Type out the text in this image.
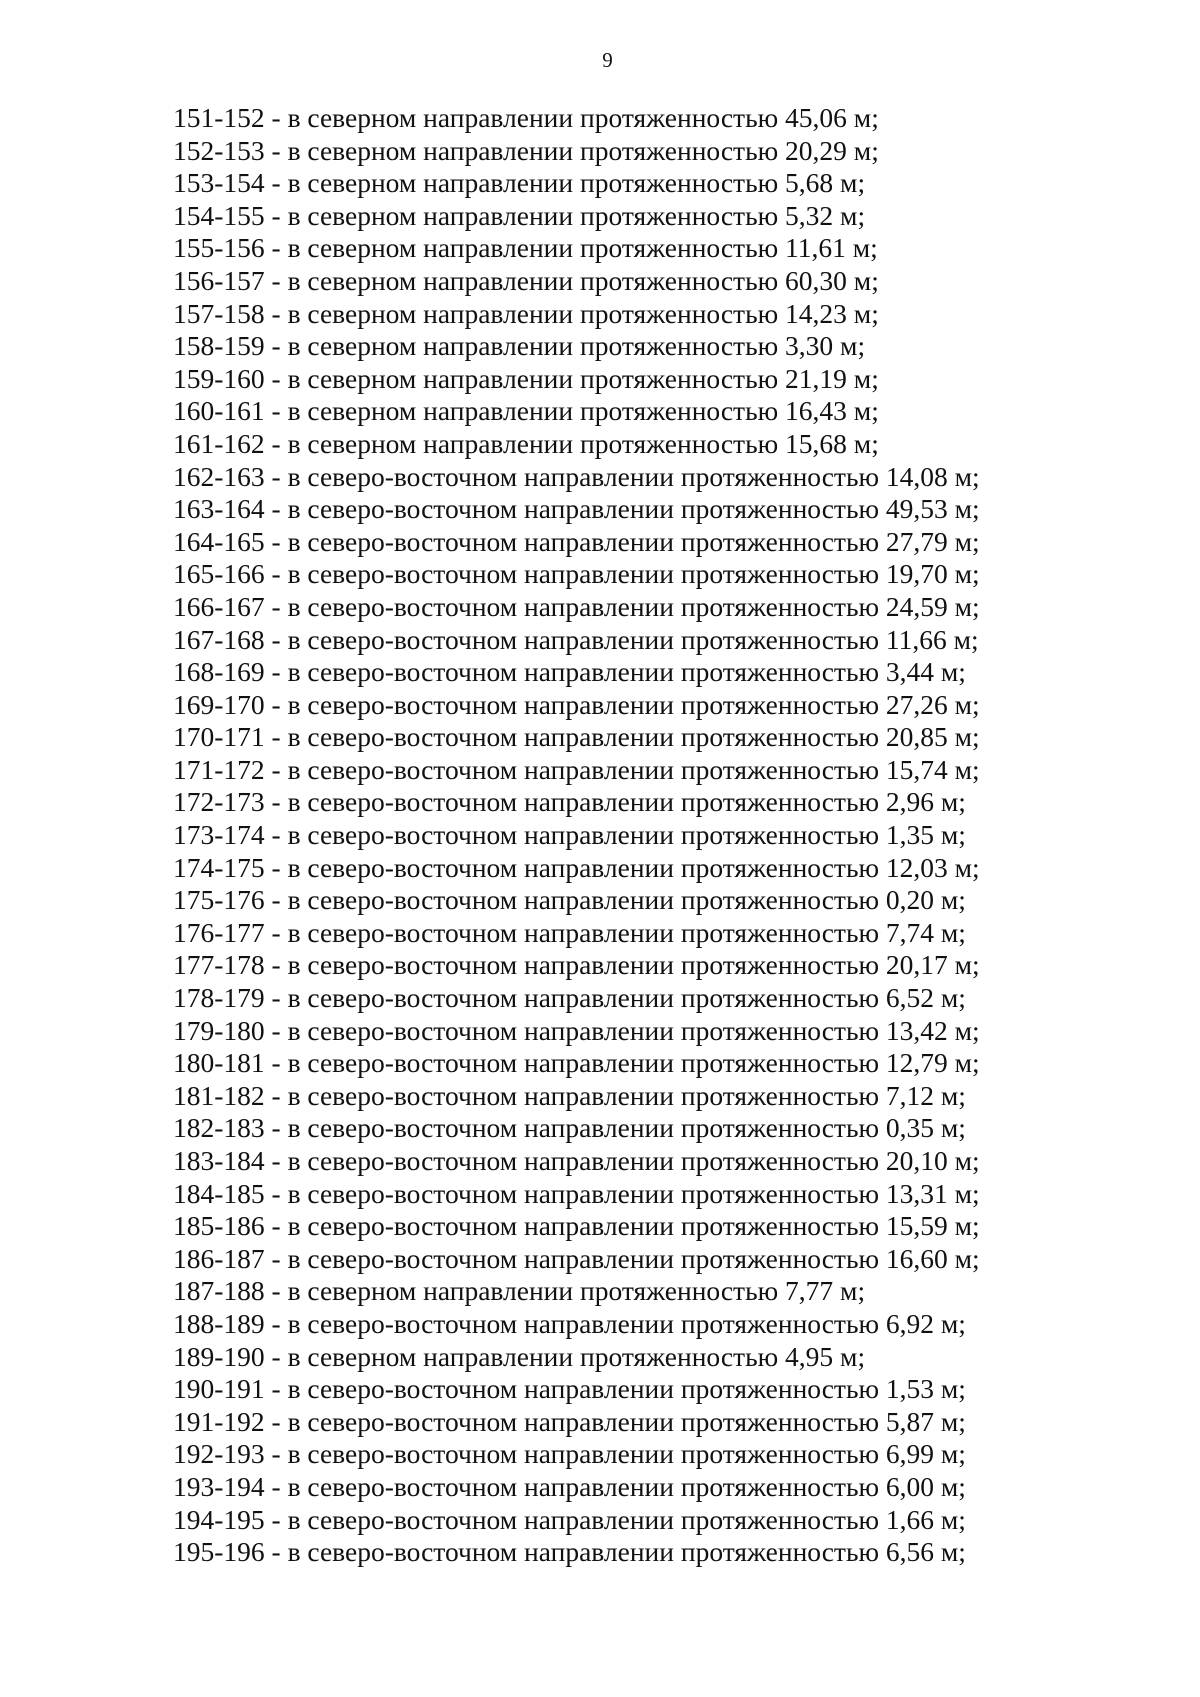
9
151-152 - в северном направлении протяженностью 45,06 м;
152-153 - в северном направлении протяженностью 20,29 м;
153-154 - в северном направлении протяженностью 5,68 м;
154-155 - в северном направлении протяженностью 5,32 м;
155-156 - в северном направлении протяженностью 11,61 м;
156-157 - в северном направлении протяженностью 60,30 м;
157-158 - в северном направлении протяженностью 14,23 м;
158-159 - в северном направлении протяженностью 3,30 м;
159-160 - в северном направлении протяженностью 21,19 м;
160-161 - в северном направлении протяженностью 16,43 м;
161-162 - в северном направлении протяженностью 15,68 м;
162-163 - в северо-восточном направлении протяженностью 14,08 м;
163-164 - в северо-восточном направлении протяженностью 49,53 м;
164-165 - в северо-восточном направлении протяженностью 27,79 м;
165-166 - в северо-восточном направлении протяженностью 19,70 м;
166-167 - в северо-восточном направлении протяженностью 24,59 м;
167-168 - в северо-восточном направлении протяженностью 11,66 м;
168-169 - в северо-восточном направлении протяженностью 3,44 м;
169-170 - в северо-восточном направлении протяженностью 27,26 м;
170-171 - в северо-восточном направлении протяженностью 20,85 м;
171-172 - в северо-восточном направлении протяженностью 15,74 м;
172-173 - в северо-восточном направлении протяженностью 2,96 м;
173-174 - в северо-восточном направлении протяженностью 1,35 м;
174-175 - в северо-восточном направлении протяженностью 12,03 м;
175-176 - в северо-восточном направлении протяженностью 0,20 м;
176-177 - в северо-восточном направлении протяженностью 7,74 м;
177-178 - в северо-восточном направлении протяженностью 20,17 м;
178-179 - в северо-восточном направлении протяженностью 6,52 м;
179-180 - в северо-восточном направлении протяженностью 13,42 м;
180-181 - в северо-восточном направлении протяженностью 12,79 м;
181-182 - в северо-восточном направлении протяженностью 7,12 м;
182-183 - в северо-восточном направлении протяженностью 0,35 м;
183-184 - в северо-восточном направлении протяженностью 20,10 м;
184-185 - в северо-восточном направлении протяженностью 13,31 м;
185-186 - в северо-восточном направлении протяженностью 15,59 м;
186-187 - в северо-восточном направлении протяженностью 16,60 м;
187-188 - в северном направлении протяженностью 7,77 м;
188-189 - в северо-восточном направлении протяженностью 6,92 м;
189-190 - в северном направлении протяженностью 4,95 м;
190-191 - в северо-восточном направлении протяженностью 1,53 м;
191-192 - в северо-восточном направлении протяженностью 5,87 м;
192-193 - в северо-восточном направлении протяженностью 6,99 м;
193-194 - в северо-восточном направлении протяженностью 6,00 м;
194-195 - в северо-восточном направлении протяженностью 1,66 м;
195-196 - в северо-восточном направлении протяженностью 6,56 м;
